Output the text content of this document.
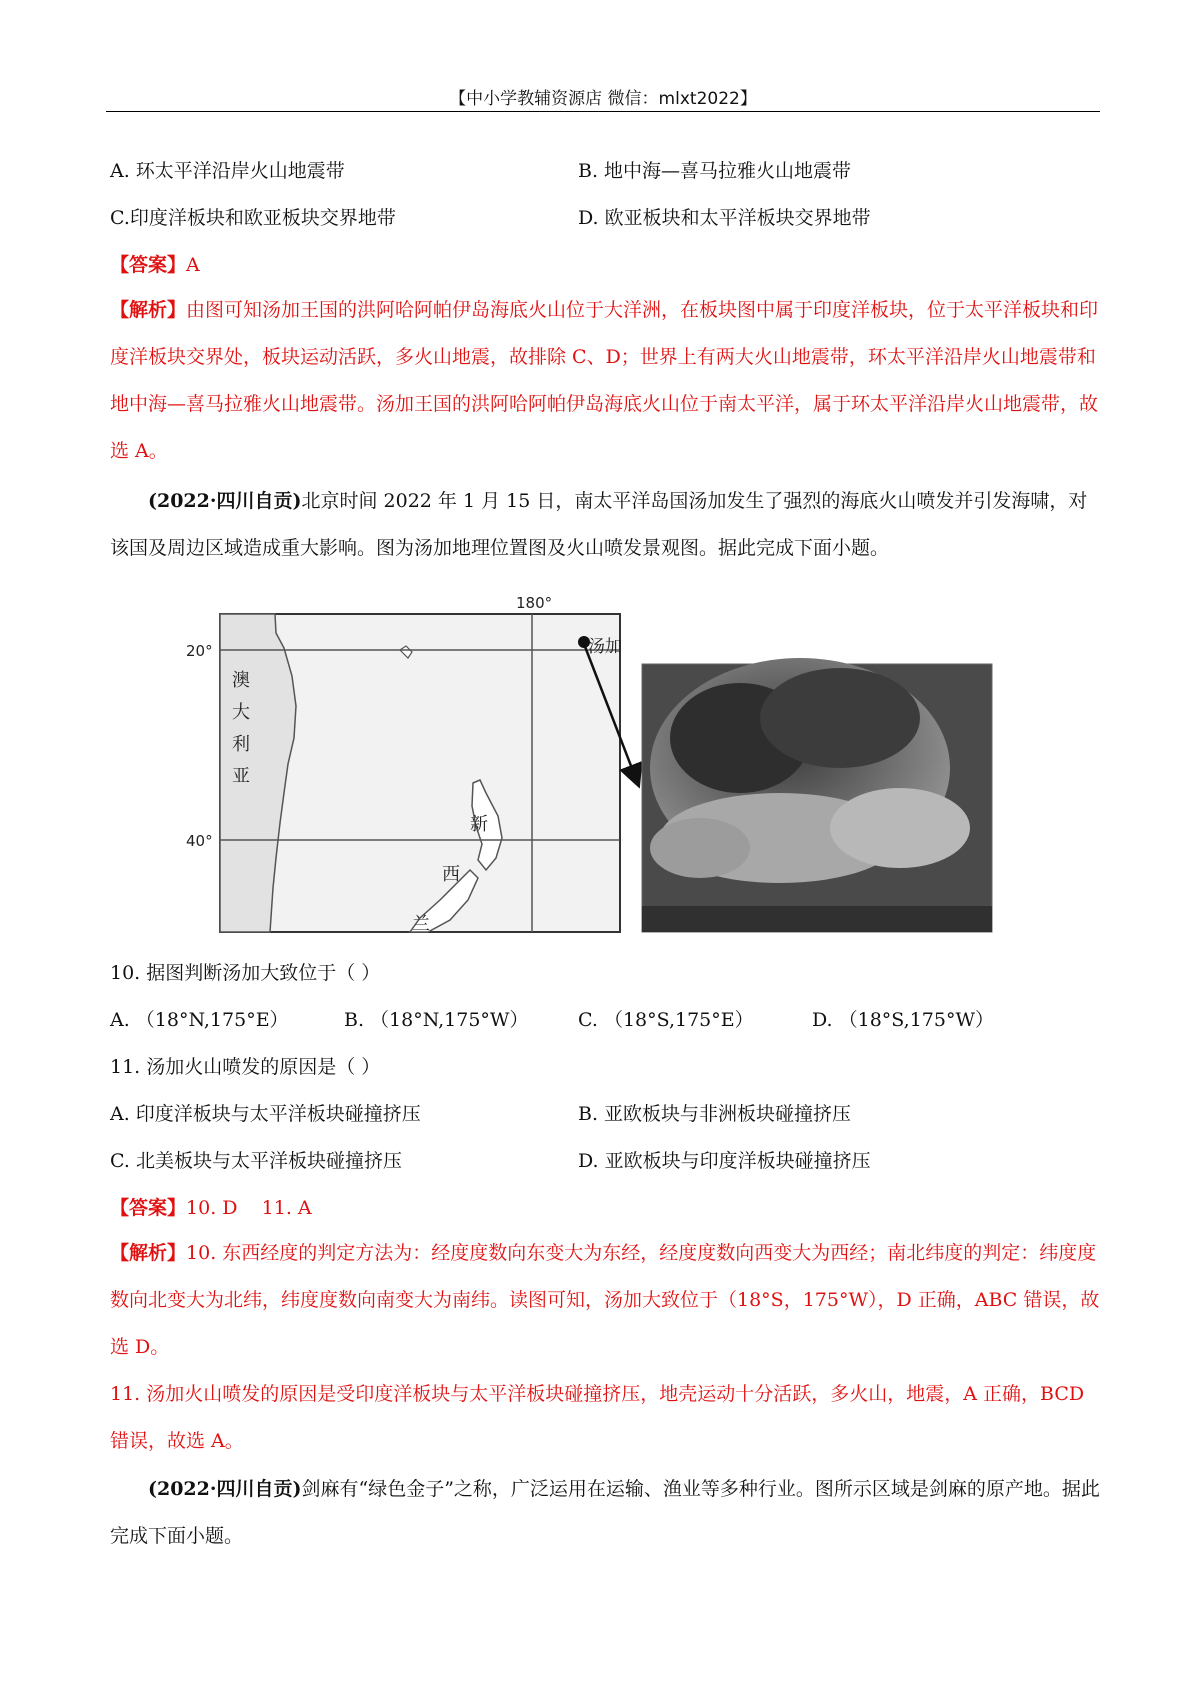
【中小学教辅资源店 微信：mlxt2022】
A. 环太平洋沿岸火山地震带	B. 地中海—喜马拉雅火山地震带
C.印度洋板块和欧亚板块交界地带	D. 欧亚板块和太平洋板块交界地带
【答案】A
【解析】由图可知汤加王国的洪阿哈阿帕伊岛海底火山位于大洋洲，在板块图中属于印度洋板块，位于太平洋板块和印度洋板块交界处，板块运动活跃，多火山地震，故排除 C、D；世界上有两大火山地震带，环太平洋沿岸火山地震带和地中海—喜马拉雅火山地震带。汤加王国的洪阿哈阿帕伊岛海底火山位于南太平洋，属于环太平洋沿岸火山地震带，故选 A。
(2022·四川自贡)北京时间 2022 年 1 月 15 日，南太平洋岛国汤加发生了强烈的海底火山喷发并引发海啸，对该国及周边区域造成重大影响。图为汤加地理位置图及火山喷发景观图。据此完成下面小题。
180°
20°
40°
澳
大
利
亚
新
西
兰
汤加
10. 据图判断汤加大致位于（ ）
A. （18°N,175°E）	B. （18°N,175°W）	C. （18°S,175°E）	D. （18°S,175°W）
11. 汤加火山喷发的原因是（ ）
A. 印度洋板块与太平洋板块碰撞挤压	B. 亚欧板块与非洲板块碰撞挤压
C. 北美板块与太平洋板块碰撞挤压	D. 亚欧板块与印度洋板块碰撞挤压
【答案】10. D    11. A
【解析】10. 东西经度的判定方法为：经度度数向东变大为东经，经度度数向西变大为西经；南北纬度的判定：纬度度数向北变大为北纬，纬度度数向南变大为南纬。读图可知，汤加大致位于（18°S，175°W），D 正确，ABC 错误，故选 D。
11. 汤加火山喷发的原因是受印度洋板块与太平洋板块碰撞挤压，地壳运动十分活跃，多火山，地震，A 正确，BCD 错误，故选 A。
(2022·四川自贡)剑麻有“绿色金子”之称，广泛运用在运输、渔业等多种行业。图所示区域是剑麻的原产地。据此完成下面小题。
